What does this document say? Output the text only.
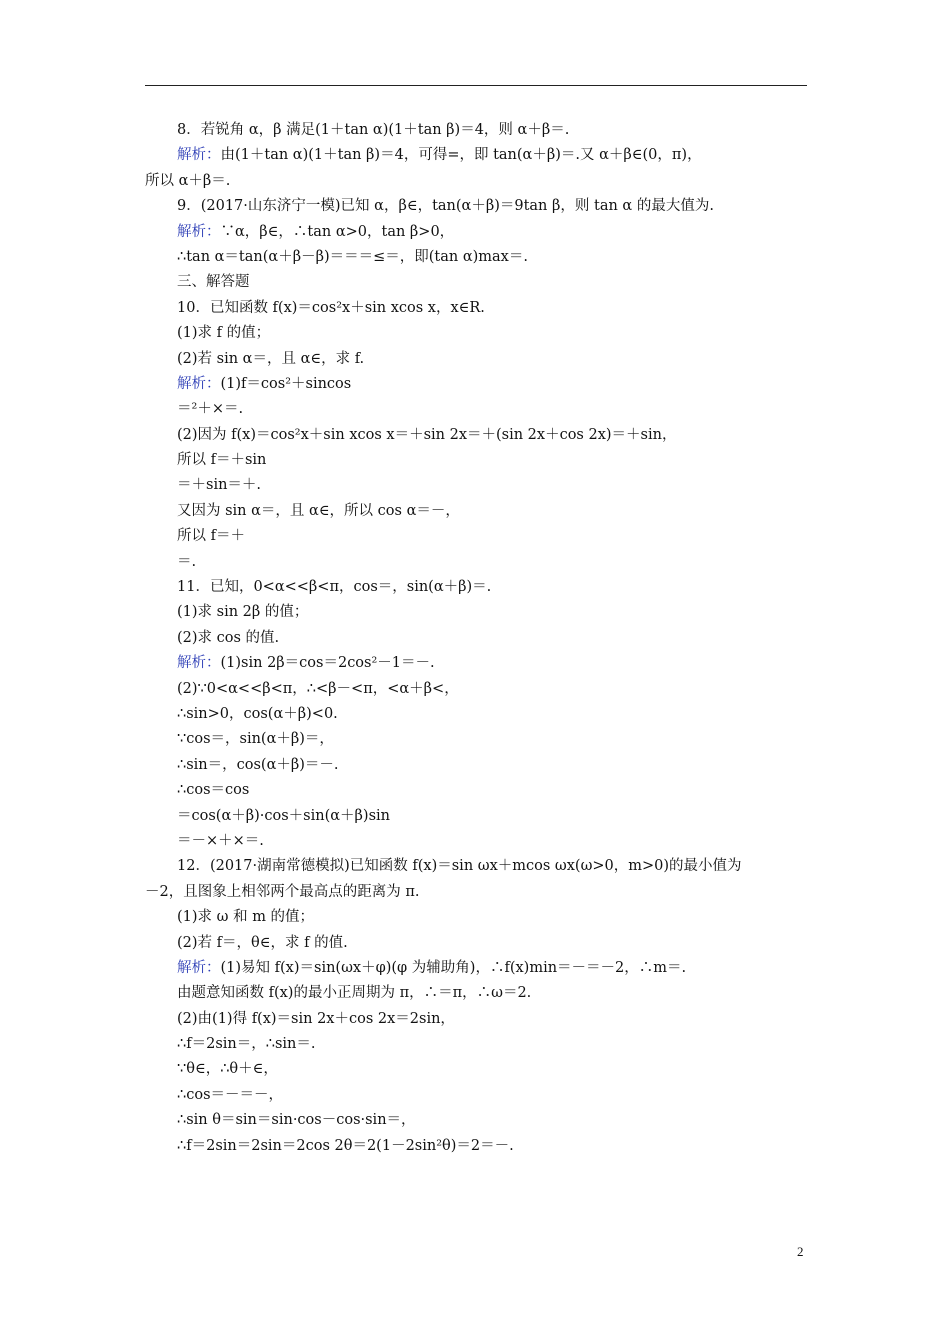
8．若锐角 α，β 满足(1＋tan α)(1＋tan β)＝4，则 α＋β＝.
解析：由(1＋tan α)(1＋tan β)＝4，可得=，即 tan(α＋β)＝.又 α＋β∈(0，π)，
所以 α＋β＝.
9．(2017·山东济宁一模)已知 α，β∈，tan(α＋β)＝9tan β，则 tan α 的最大值为.
解析：∵α，β∈，∴tan α>0，tan β>0，
∴tan α＝tan(α＋β－β)＝＝＝≤＝，即(tan α)max＝.
三、解答题
10．已知函数 f(x)＝cos²x＋sin xcos x，x∈R.
(1)求 f 的值；
(2)若 sin α＝，且 α∈，求 f.
解析：(1)f＝cos²＋sincos
＝²＋×＝.
(2)因为 f(x)＝cos²x＋sin xcos x＝＋sin 2x＝＋(sin 2x＋cos 2x)＝＋sin，
所以 f＝＋sin
＝＋sin＝＋.
又因为 sin α＝，且 α∈，所以 cos α＝－，
所以 f＝＋
＝.
11．已知，0<α<<β<π，cos＝，sin(α＋β)＝.
(1)求 sin 2β 的值；
(2)求 cos 的值.
解析：(1)sin 2β＝cos＝2cos²－1＝－.
(2)∵0<α<<β<π，∴<β－<π，<α＋β<，
∴sin>0，cos(α＋β)<0.
∵cos＝，sin(α＋β)＝，
∴sin＝，cos(α＋β)＝－.
∴cos＝cos
＝cos(α＋β)·cos＋sin(α＋β)sin
＝－×＋×＝.
12．(2017·湖南常德模拟)已知函数 f(x)＝sin ωx＋mcos ωx(ω>0，m>0)的最小值为
－2，且图象上相邻两个最高点的距离为 π.
(1)求 ω 和 m 的值；
(2)若 f＝，θ∈，求 f 的值.
解析：(1)易知 f(x)＝sin(ωx＋φ)(φ 为辅助角)，∴f(x)min＝－＝－2，∴m＝.
由题意知函数 f(x)的最小正周期为 π，∴＝π，∴ω＝2.
(2)由(1)得 f(x)＝sin 2x＋cos 2x＝2sin，
∴f＝2sin＝，∴sin＝.
∵θ∈，∴θ＋∈，
∴cos＝－＝－，
∴sin θ＝sin＝sin·cos－cos·sin＝，
∴f＝2sin＝2sin＝2cos 2θ＝2(1－2sin²θ)＝2＝－.
2
